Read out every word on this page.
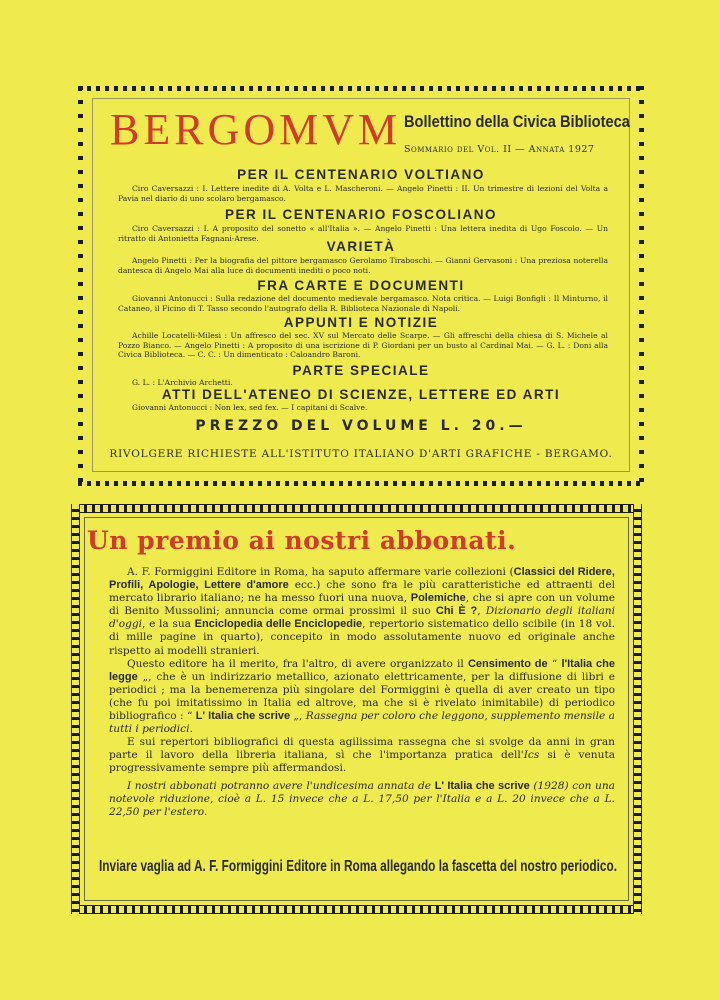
BERGOMVM Bollettino della Civica Biblioteca
Sommario del Vol. II — Annata 1927
PER IL CENTENARIO VOLTIANO
Ciro Caversazzi : I. Lettere inedite di A. Volta e L. Mascheroni. — Angelo Pinetti : II. Un trimestre di lezioni del Volta a Pavia nel diario di uno scolaro bergamasco.
PER IL CENTENARIO FOSCOLIANO
Ciro Caversazzi : I. A proposito del sonetto « all'Italia ». — Angelo Pinetti : Una lettera inedita di Ugo Foscolo. — Un ritratto di Antonietta Fagnani-Arese.
VARIETÀ
Angelo Pinetti : Per la biografia del pittore bergamasco Gerolamo Tiraboschi. — Gianni Gervasoni : Una preziosa noterella dantesca di Angelo Mai alla luce di documenti inediti o poco noti.
FRA CARTE E DOCUMENTI
Giovanni Antonucci : Sulla redazione del documento medievale bergamasco. Nota critica. — Luigi Bonfigli : Il Minturno, il Cataneo, il Ficino di T. Tasso secondo l'autografo della R. Biblioteca Nazionale di Napoli.
APPUNTI E NOTIZIE
Achille Locatelli-Milesi : Un affresco del sec. XV sul Mercato delle Scarpe. — Gli affreschi della chiesa di S. Michele al Pozzo Bianco. — Angelo Pinetti : A proposito di una iscrizione di P. Giordani per un busto al Cardinal Mai. — G. L. : Doni alla Civica Biblioteca. — C. C. : Un dimenticato : Caloandro Baroni.
PARTE SPECIALE
G. L. : L'Archivio Archetti.
ATTI DELL'ATENEO DI SCIENZE, LETTERE ED ARTI
Giovanni Antonucci : Non lex, sed fex. — I capitani di Scalve.
PREZZO DEL VOLUME L. 20.—
RIVOLGERE RICHIESTE ALL'ISTITUTO ITALIANO D'ARTI GRAFICHE - BERGAMO.
Un premio ai nostri abbonati.

A. F. Formiggini Editore in Roma, ha saputo affermare varie collezioni (Classici del Ridere, Profili, Apologie, Lettere d'amore ecc.) che sono fra le più caratteristiche ed attraenti del mercato librario italiano; ne ha messo fuori una nuova, Polemiche, che si apre con un volume di Benito Mussolini; annuncia come ormai prossimi il suo Chi È ?, Dizionario degli italiani d'oggi, e la sua Enciclopedia delle Enciclopedie, repertorio sistematico dello scibile (in 18 vol. di mille pagine in quarto), concepito in modo assolutamente nuovo ed originale anche rispetto ai modelli stranieri.

Questo editore ha il merito, fra l'altro, di avere organizzato il Censimento de “ l'Italia che legge „, che è un indirizzario metallico, azionato elettricamente, per la diffusione di libri e periodici ; ma la benemerenza più singolare del Formiggini è quella di aver creato un tipo (che fu poi imitatissimo in Italia ed altrove, ma che si è rivelato inimitabile) di periodico bibliografico : “ L' Italia che scrive „, Rassegna per coloro che leggono, supplemento mensile a tutti i periodici.

E sui repertori bibliografici di questa agilissima rassegna che si svolge da anni in gran parte il lavoro della libreria italiana, sì che l'importanza pratica dell'Ics si è venuta progressivamente sempre più affermandosi.

I nostri abbonati potranno avere l'undicesima annata de L' Italia che scrive (1928) con una notevole riduzione, cioè a L. 15 invece che a L. 17,50 per l'Italia e a L. 20 invece che a L. 22,50 per l'estero.

Inviare vaglia ad A. F. Formiggini Editore in Roma allegando la fascetta del nostro periodico.
